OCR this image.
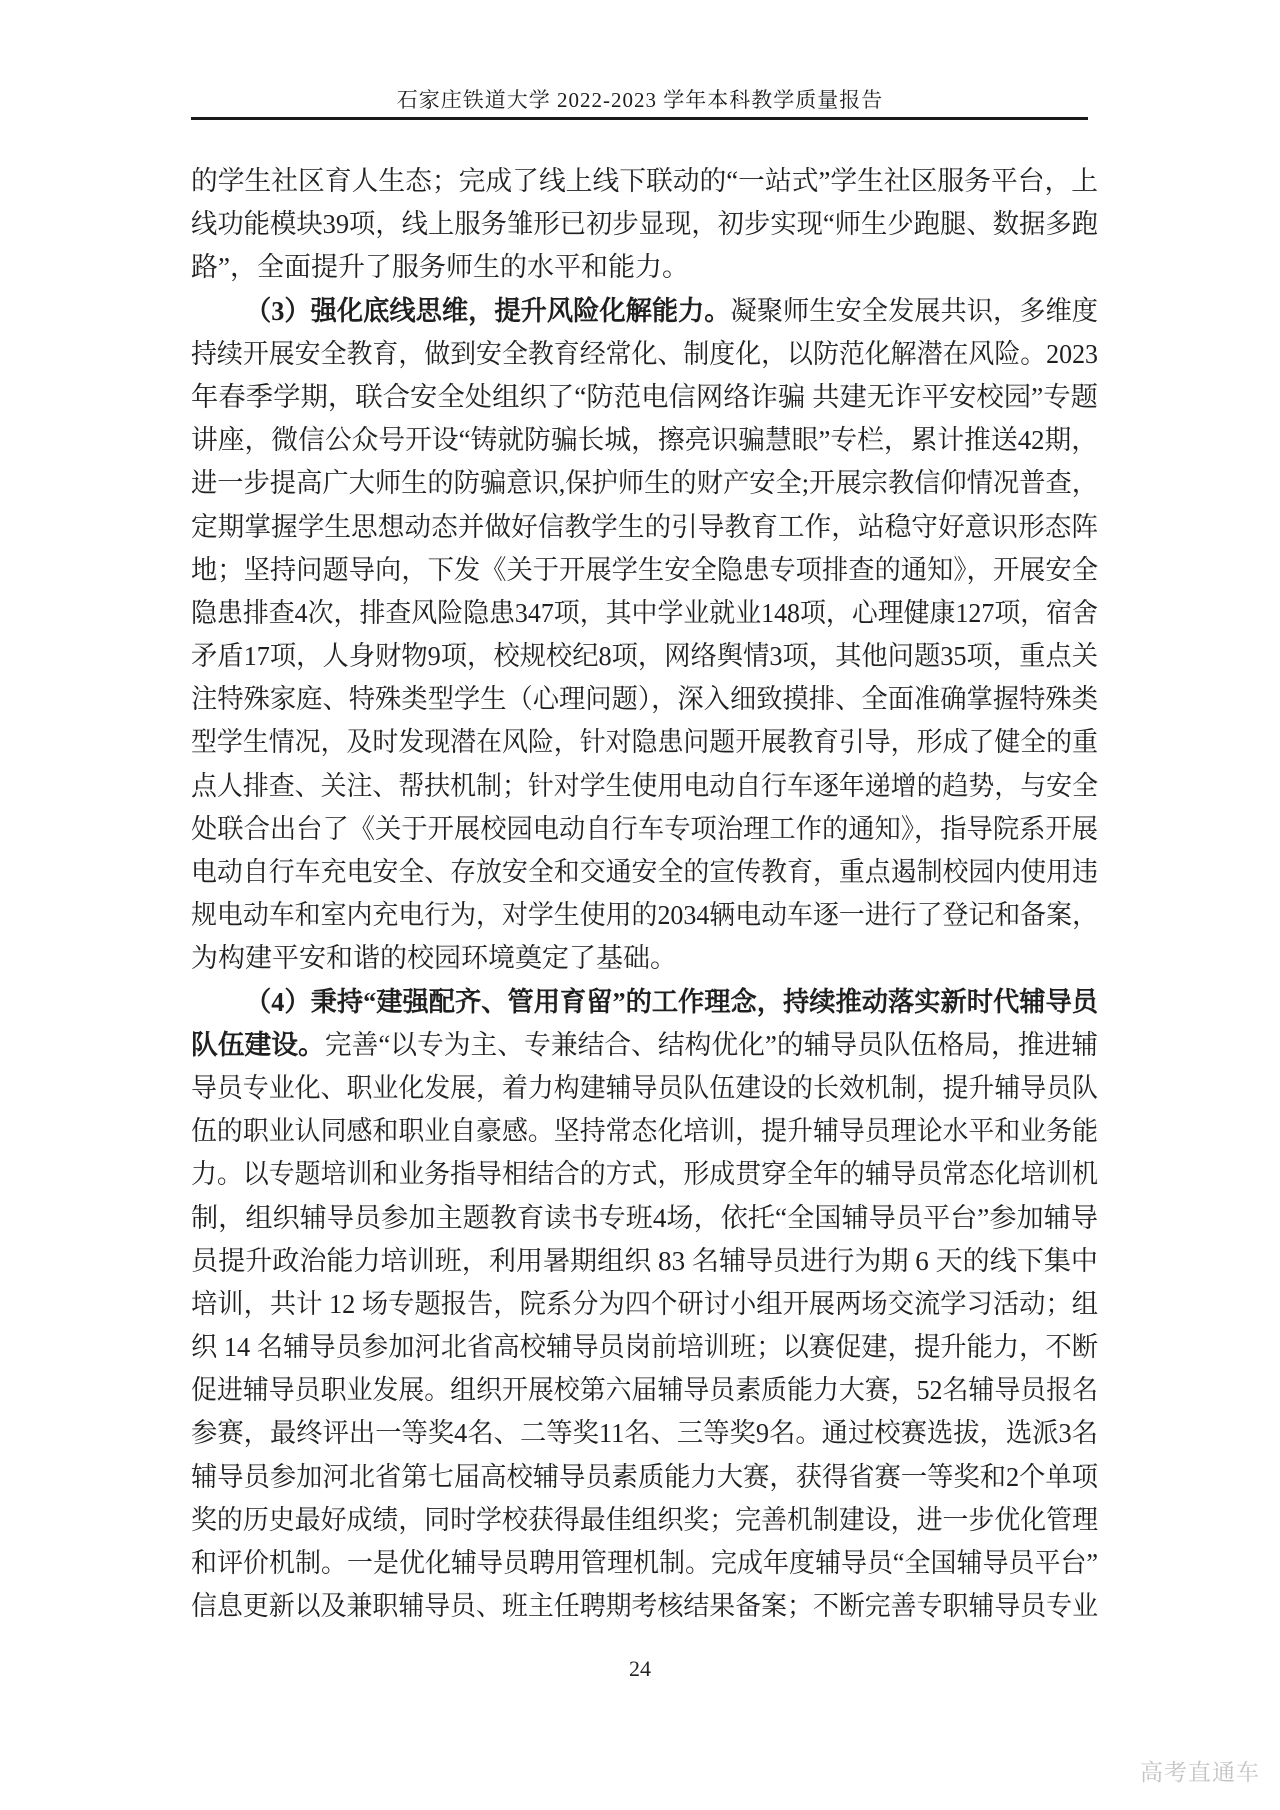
石家庄铁道大学 2022-2023 学年本科教学质量报告
的学生社区育人生态；完成了线上线下联动的“一站式”学生社区服务平台，上
线功能模块39项，线上服务雏形已初步显现，初步实现“师生少跑腿、数据多跑
路”，全面提升了服务师生的水平和能力。
（3）强化底线思维，提升风险化解能力。凝聚师生安全发展共识，多维度
持续开展安全教育，做到安全教育经常化、制度化，以防范化解潜在风险。2023
年春季学期，联合安全处组织了“防范电信网络诈骗 共建无诈平安校园”专题
讲座，微信公众号开设“铸就防骗长城，擦亮识骗慧眼”专栏，累计推送42期，
进一步提高广大师生的防骗意识,保护师生的财产安全;开展宗教信仰情况普查，
定期掌握学生思想动态并做好信教学生的引导教育工作，站稳守好意识形态阵
地；坚持问题导向，下发《关于开展学生安全隐患专项排查的通知》，开展安全
隐患排查4次，排查风险隐患347项，其中学业就业148项，心理健康127项，宿舍
矛盾17项，人身财物9项，校规校纪8项，网络舆情3项，其他问题35项，重点关
注特殊家庭、特殊类型学生（心理问题），深入细致摸排、全面准确掌握特殊类
型学生情况，及时发现潜在风险，针对隐患问题开展教育引导，形成了健全的重
点人排查、关注、帮扶机制；针对学生使用电动自行车逐年递增的趋势，与安全
处联合出台了《关于开展校园电动自行车专项治理工作的通知》，指导院系开展
电动自行车充电安全、存放安全和交通安全的宣传教育，重点遏制校园内使用违
规电动车和室内充电行为，对学生使用的2034辆电动车逐一进行了登记和备案，
为构建平安和谐的校园环境奠定了基础。
（4）秉持“建强配齐、管用育留”的工作理念，持续推动落实新时代辅导员
队伍建设。完善“以专为主、专兼结合、结构优化”的辅导员队伍格局，推进辅
导员专业化、职业化发展，着力构建辅导员队伍建设的长效机制，提升辅导员队
伍的职业认同感和职业自豪感。坚持常态化培训，提升辅导员理论水平和业务能
力。以专题培训和业务指导相结合的方式，形成贯穿全年的辅导员常态化培训机
制，组织辅导员参加主题教育读书专班4场，依托“全国辅导员平台”参加辅导
员提升政治能力培训班，利用暑期组织 83 名辅导员进行为期 6 天的线下集中
培训，共计 12 场专题报告，院系分为四个研讨小组开展两场交流学习活动；组
织 14 名辅导员参加河北省高校辅导员岗前培训班；以赛促建，提升能力，不断
促进辅导员职业发展。组织开展校第六届辅导员素质能力大赛，52名辅导员报名
参赛，最终评出一等奖4名、二等奖11名、三等奖9名。通过校赛选拔，选派3名
辅导员参加河北省第七届高校辅导员素质能力大赛，获得省赛一等奖和2个单项
奖的历史最好成绩，同时学校获得最佳组织奖；完善机制建设，进一步优化管理
和评价机制。一是优化辅导员聘用管理机制。完成年度辅导员“全国辅导员平台”
信息更新以及兼职辅导员、班主任聘期考核结果备案；不断完善专职辅导员专业
24
高考直通车
